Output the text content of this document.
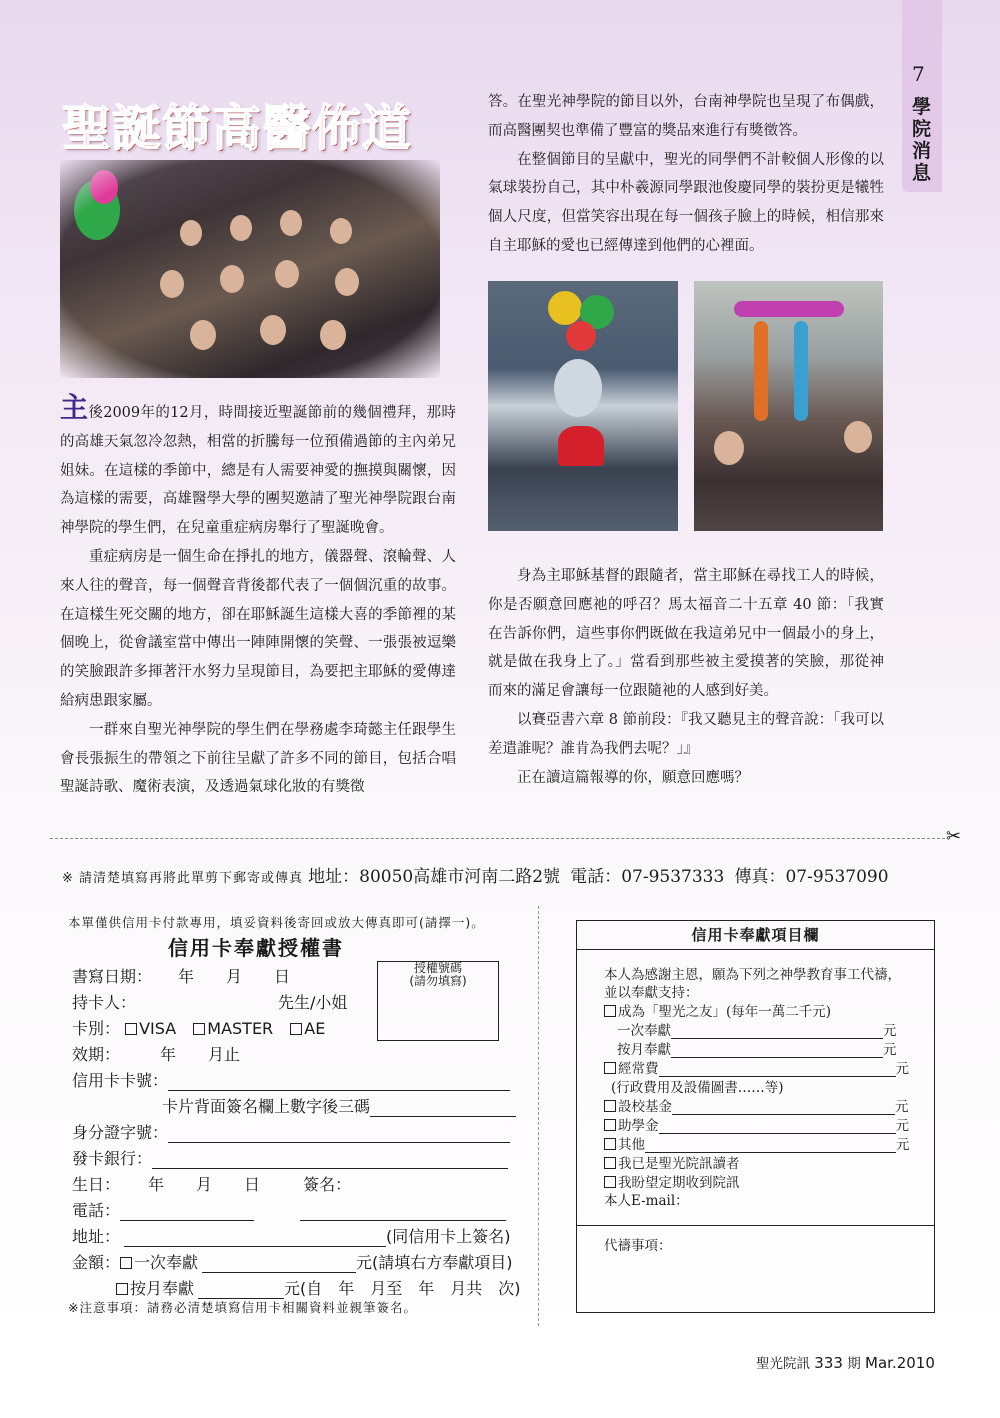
7
學院消息
聖誕節高醫佈道	答。在聖光神學院的節目以外，台南神學院也呈現了布偶戲，而高醫團契也準備了豐富的獎品來進行有獎徵答。

在整個節目的呈獻中，聖光的同學們不計較個人形像的以氣球裝扮自己，其中朴羲源同學跟池俊慶同學的裝扮更是犧牲個人尺度，但當笑容出現在每一個孩子臉上的時候，相信那來自主耶穌的愛也已經傳達到他們的心裡面。

主後2009年的12月，時間接近聖誕節前的幾個禮拜，那時的高雄天氣忽冷忽熱，相當的折騰每一位預備過節的主內弟兄姐妹。在這樣的季節中，總是有人需要神愛的撫摸與關懷，因為這樣的需要，高雄醫學大學的團契邀請了聖光神學院跟台南神學院的學生們，在兒童重症病房舉行了聖誕晚會。

重症病房是一個生命在掙扎的地方，儀器聲、滾輪聲、人來人往的聲音，每一個聲音背後都代表了一個個沉重的故事。在這樣生死交關的地方，卻在耶穌誕生這樣大喜的季節裡的某個晚上，從會議室當中傳出一陣陣開懷的笑聲、一張張被逗樂的笑臉跟許多揮著汗水努力呈現節目，為要把主耶穌的愛傳達給病患跟家屬。

一群來自聖光神學院的學生們在學務處李琦懿主任跟學生會長張振生的帶領之下前往呈獻了許多不同的節目，包括合唱聖誕詩歌、魔術表演，及透過氣球化妝的有獎徵

身為主耶穌基督的跟隨者，當主耶穌在尋找工人的時候，你是否願意回應祂的呼召？馬太福音二十五章 40 節：「我實在告訴你們，這些事你們既做在我這弟兄中一個最小的身上，就是做在我身上了。」當看到那些被主愛摸著的笑臉，那從神而來的滿足會讓每一位跟隨祂的人感到好美。

以賽亞書六章 8 節前段：『我又聽見主的聲音說：「我可以差遣誰呢？誰肯為我們去呢？」』

正在讀這篇報導的你，願意回應嗎？

✂
※ 請清楚填寫再將此單剪下郵寄或傳真 地址：80050高雄市河南二路2號 電話：07-9537333 傳真：07-9537090
本單僅供信用卡付款專用，填妥資料後寄回或放大傳真即可(請擇一)。
信用卡奉獻授權書
授權號碼
(請勿填寫)
書寫日期： 年　　月　　日
持卡人：	先生/小姐
卡別： VISA MASTER AE
效期：	年　　月止
信用卡卡號：
卡片背面簽名欄上數字後三碼
身分證字號：
發卡銀行：
生日： 年　　月　　日	簽名：
電話：
地址：	(同信用卡上簽名)
金額： 一次奉獻	元(請填右方奉獻項目)
按月奉獻	元(自　年　月至　年　月共　次)
※注意事項：請務必清楚填寫信用卡相關資料並親筆簽名。
信用卡奉獻項目欄
本人為感謝主恩，願為下列之神學教育事工代禱，
並以奉獻支持：
成為「聖光之友」(每年一萬二千元)
一次奉獻	元
按月奉獻	元
經常費	元
(行政費用及設備圖書……等)
設校基金	元
助學金	元
其他	元
我已是聖光院訊讀者
我盼望定期收到院訊
本人E-mail：
代禱事項：
聖光院訊 333 期 Mar.2010
